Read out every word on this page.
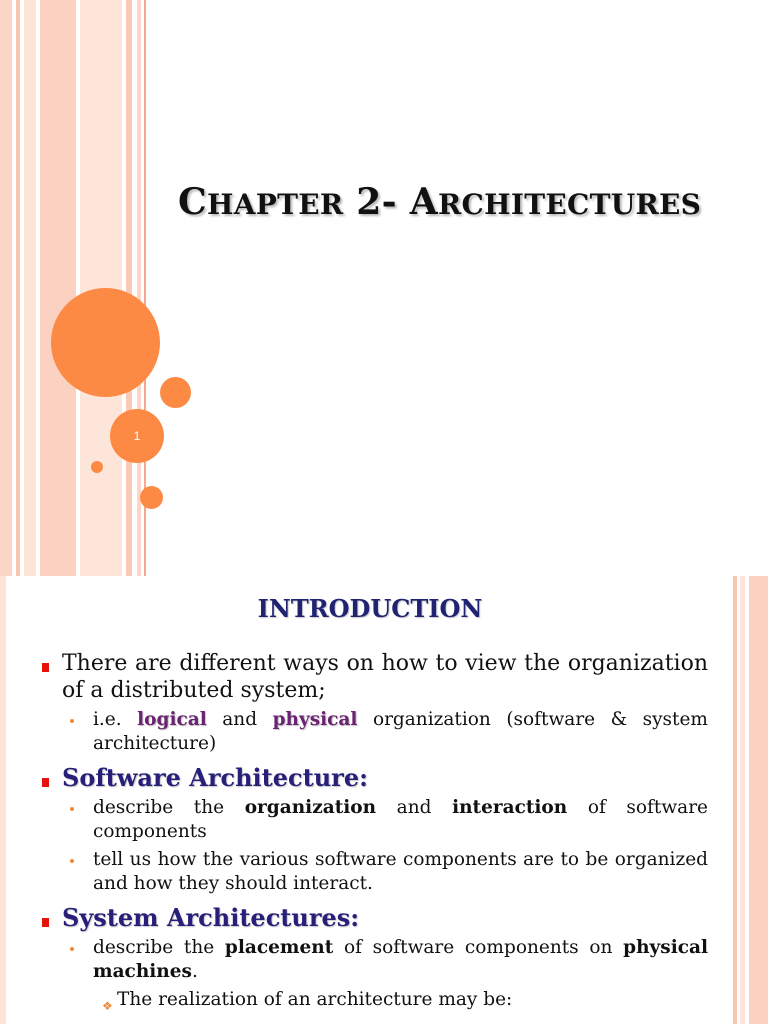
1
CHAPTER 2- ARCHITECTURES
INTRODUCTION
There are different ways on how to view the organization of a distributed system;
i.e. logical and physical organization (software & system architecture)
Software Architecture:
describe the organization and interaction of software components
tell us how the various software components are to be organized and how they should interact.
System Architectures:
describe the placement of software components on physical machines.
❖ The realization of an architecture may be:
